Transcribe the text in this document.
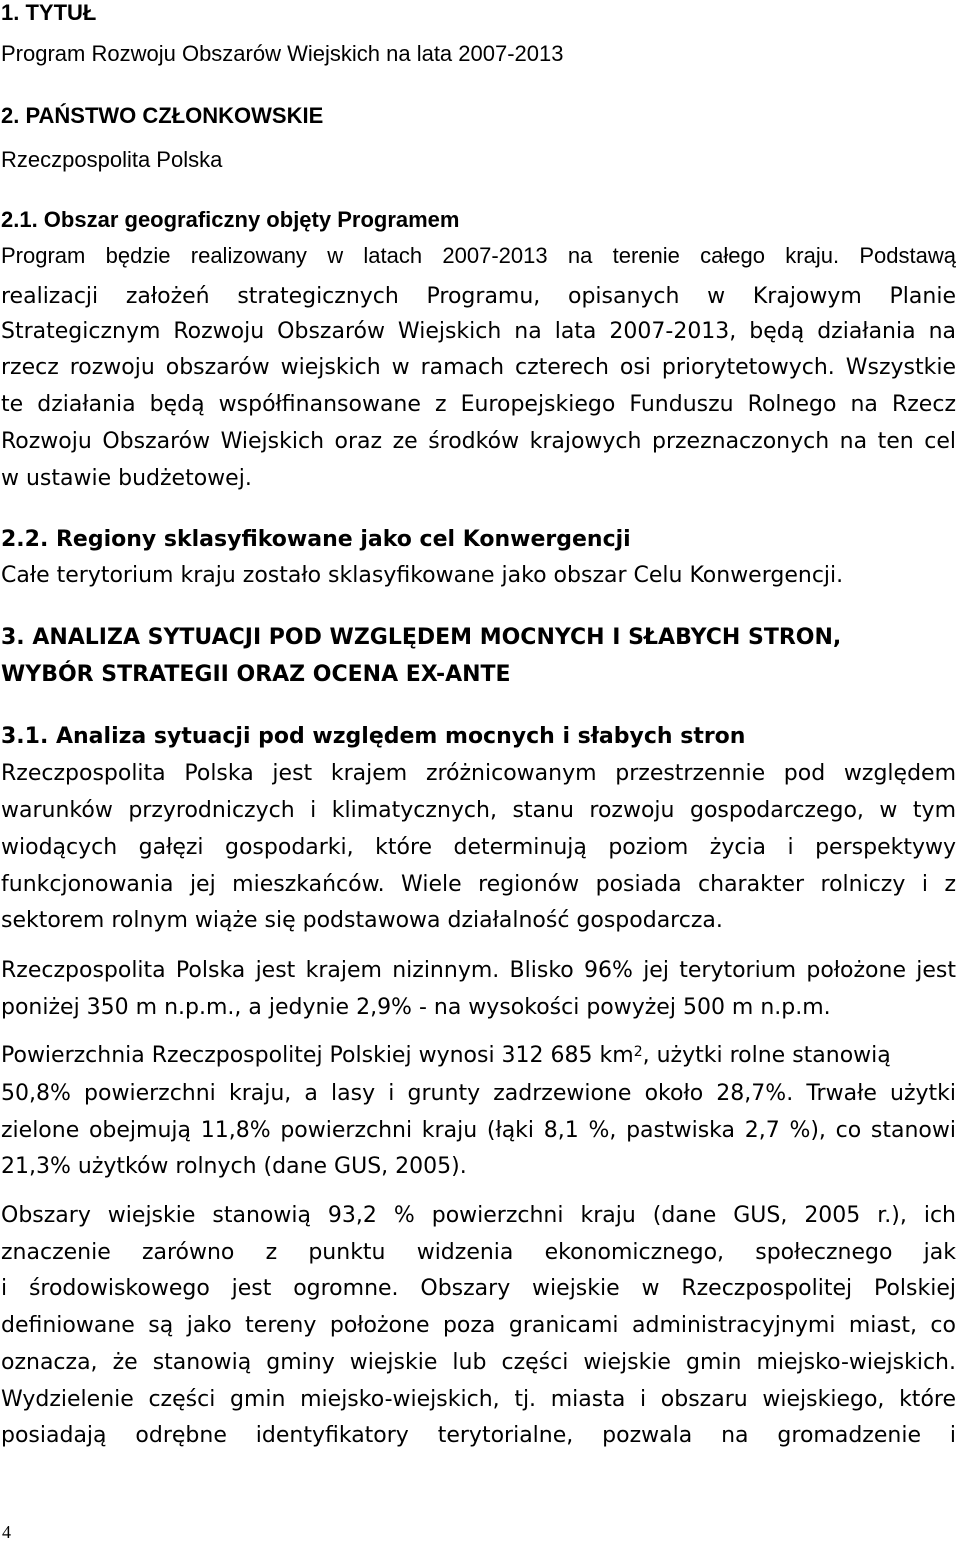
1. TYTUŁ
Program Rozwoju Obszarów Wiejskich na lata 2007-2013
2. PAŃSTWO CZŁONKOWSKIE
Rzeczpospolita Polska
2.1. Obszar geograficzny objęty Programem
Program będzie realizowany w latach 2007-2013 na terenie całego kraju. Podstawą
realizacji założeń strategicznych Programu, opisanych w Krajowym Planie
Strategicznym Rozwoju Obszarów Wiejskich na lata 2007-2013, będą działania na
rzecz rozwoju obszarów wiejskich w ramach czterech osi priorytetowych. Wszystkie
te działania będą współfinansowane z Europejskiego Funduszu Rolnego na Rzecz
Rozwoju Obszarów Wiejskich oraz ze środków krajowych przeznaczonych na ten cel
w ustawie budżetowej.
2.2. Regiony sklasyfikowane jako cel Konwergencji
Całe terytorium kraju zostało sklasyfikowane jako obszar Celu Konwergencji.
3. ANALIZA SYTUACJI POD WZGLĘDEM MOCNYCH I SŁABYCH STRON,
WYBÓR STRATEGII ORAZ OCENA EX-ANTE
3.1. Analiza sytuacji pod względem mocnych i słabych stron
Rzeczpospolita Polska jest krajem zróżnicowanym przestrzennie pod względem
warunków przyrodniczych i klimatycznych, stanu rozwoju gospodarczego, w tym
wiodących gałęzi gospodarki, które determinują poziom życia i perspektywy
funkcjonowania jej mieszkańców. Wiele regionów posiada charakter rolniczy i z
sektorem rolnym wiąże się podstawowa działalność gospodarcza.
Rzeczpospolita Polska jest krajem nizinnym. Blisko 96% jej terytorium położone jest
poniżej 350 m n.p.m., a jedynie 2,9% - na wysokości powyżej 500 m n.p.m.
Powierzchnia Rzeczpospolitej Polskiej wynosi 312 685 $km^2$, użytki rolne stanowią
50,8% powierzchni kraju, a lasy i grunty zadrzewione około 28,7%. Trwałe użytki
zielone obejmują 11,8% powierzchni kraju (łąki 8,1 %, pastwiska 2,7 %), co stanowi
21,3% użytków rolnych (dane GUS, 2005).
Obszary wiejskie stanowią 93,2 % powierzchni kraju (dane GUS, 2005 r.), ich
znaczenie zarówno z punktu widzenia ekonomicznego, społecznego jak
i środowiskowego jest ogromne. Obszary wiejskie w Rzeczpospolitej Polskiej
definiowane są jako tereny położone poza granicami administracyjnymi miast, co
oznacza, że stanowią gminy wiejskie lub części wiejskie gmin miejsko-wiejskich.
Wydzielenie części gmin miejsko-wiejskich, tj. miasta i obszaru wiejskiego, które
posiadają odrębne identyfikatory terytorialne, pozwala na gromadzenie i
4
